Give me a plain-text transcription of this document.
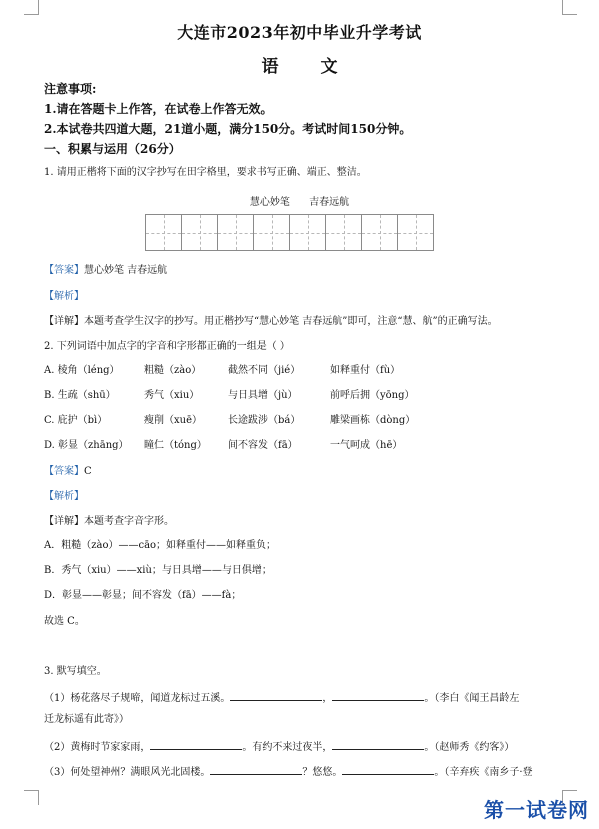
大连市2023年初中毕业升学考试
语 文
注意事项:
1.请在答题卡上作答，在试卷上作答无效。
2.本试卷共四道大题，21道小题，满分150分。考试时间150分钟。
一、积累与运用（26分）
1. 请用正楷将下面的汉字抄写在田字格里，要求书写正确、端正、整洁。
慧心妙笔 吉春远航
【答案】慧心妙笔 吉春远航
【解析】
【详解】本题考查学生汉字的抄写。用正楷抄写“慧心妙笔 吉春远航”即可，注意“慧、航”的正确写法。
2. 下列词语中加点字的字音和字形都正确的一组是（ ）
A. 棱角（léng） 粗糙（zào）	截然不同（jié）	如释重付（fù）
B. 生疏（shū）	秀气（xiu）	与日具增（jù）	前呼后拥（yōng）
C. 庇护（bì）	瘦削（xuē）	长途跋涉（bá）	雕梁画栋（dòng）
D. 彰显（zhāng） 瞳仁（tóng） 间不容发（fā）	一气呵成（hē）
【答案】C
【解析】
【详解】本题考查字音字形。
A．粗糙（zào）——cāo；如释重付——如释重负；
B．秀气（xiu）——xiù；与日具增——与日俱增；
D．彰显——彰显；间不容发（fā）——fà；
故选 C。
3. 默写填空。
（1）杨花落尽子规啼，闻道龙标过五溪。	，	。（李白《闻王昌龄左
迁龙标遥有此寄》）
（2）黄梅时节家家雨，	。有约不来过夜半，	。（赵师秀《约客》）
（3）何处望神州？满眼风光北固楼。	？悠悠。	。（辛弃疾《南乡子·登
第一试卷网
